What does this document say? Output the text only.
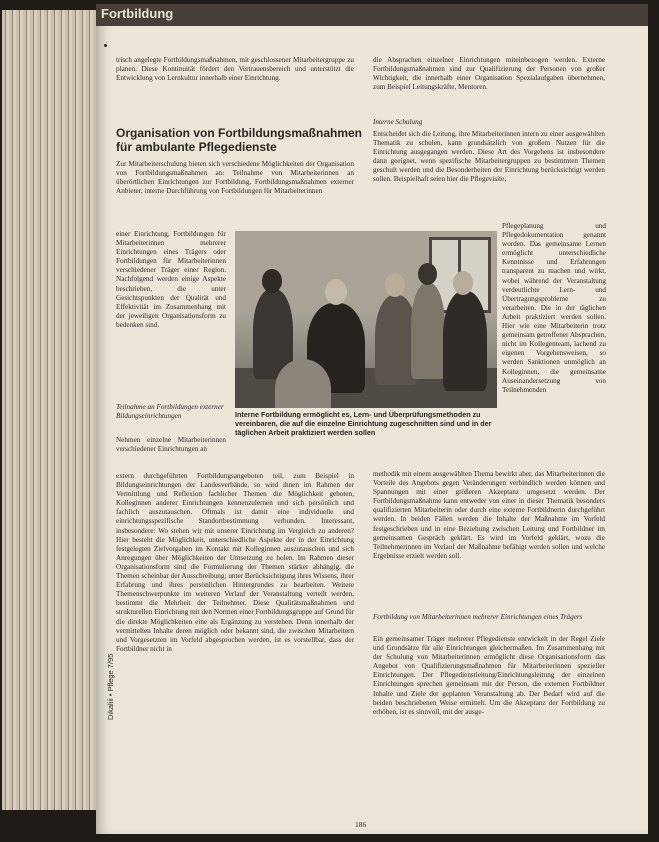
Fortbildung
trisch angelegte Fortbildungsmaßnahmen, mit geschlossener Mitarbeitergruppe zu planen. Diese Kontinuität fördert den Vertrauensbereich und unterstützt die Entwicklung von Lernkultur innerhalb einer Einrichtung.
Organisation von Fortbildungsmaßnahmen für ambulante Pflegedienste
Zur Mitarbeiterschulung bieten sich verschiedene Möglichkeiten der Organisation von Fortbildungsmaßnahmen an: Teilnahme von Mitarbeiterinnen an überörtlichen Einrichtungen zur Fortbildung, Fortbildungsmaßnahmen externer Anbieter, interne Durchführung von Fortbildungen für Mitarbeiterinnen
einer Einrichtung, Fortbildungen für Mitarbeiterinnen mehrerer Einrichtungen eines Trägers oder Fortbildungen für Mitarbeiterinnen verschiedener Träger einer Region. Nachfolgend werden einige Aspekte beschrieben, die unter Gesichtspunkten der Qualität und Effektivität im Zusammenhang mit der jeweiligen Organisationsform zu bedenken sind.
Teilnahme an Fortbildungen externer Bildungseinrichtungen
Nehmen einzelne Mitarbeiterinnen verschiedener Einrichtungen an
extern durchgeführten Fortbildungsangeboten teil, zum Beispiel in Bildungseinrichtungen der Landesverbände, so wird ihnen im Rahmen der Vermittlung und Reflexion fachlicher Themen die Möglichkeit geboten, Kolleginnen anderer Einrichtungen kennenzulernen und sich persönlich und fachlich auszutauschen. Oftmals ist damit eine individuelle und einrichtungsspezifische Standortbestimmung verbunden. Interessant, insbesondere: Wo stehen wir mit unserer Einrichtung im Vergleich zu anderen? Hier besteht die Möglichkeit, unterschiedliche Aspekte der in der Einrichtung festgelegten Zielvorgaben im Kontakt mit Kolleginnen auszutauschen und sich Anregungen über Möglichkeiten der Umsetzung zu holen. Im Rahmen dieser Organisationsform sind die Formulierung der Themen stärker abhängig, die Themen scheinbar der Ausschreibung; unter Berücksichtigung ihres Wissens, ihrer Erfahrung und ihres persönlichen Hintergrundes zu bearbeiten. Weitere Themenschwerpunkte im weiteren Verlauf der Veranstaltung verteilt werden, bestimmt die Mehrheit der Teilnehmer. Diese Qualitätsmaßnahmen und strukturellen Einrichtung mit den Normen einer Fortbildungsgruppe auf Grund für die direkte Möglichkeiten eine als Ergänzung zu verstehen. Denn innerhalb der vermittelten Inhalte deren möglich oder bekannt sind, die zwischen Mitarbeitern und Vorgesetzten im Vorfeld abgesprochen werden, ist es vorstellbar, dass der Fortbildner nicht in
die Absprachen einzelner Einrichtungen miteinbezogen werden. Externe Fortbildungsmaßnahmen sind zur Qualifizierung der Personen von großer Wichtigkeit, die innerhalb einer Organisation Spezialaufgaben übernehmen, zum Beispiel Leitungskräfte, Mentoren.
Interne Schulung
Entscheidet sich die Leitung, ihre Mitarbeiterinnen intern zu einer ausgewählten Thematik zu schulen, kann grundsätzlich von großem Nutzen für die Einrichtung ausgegangen werden. Diese Art des Vorgehens ist insbesondere dann geeignet, wenn spezifische Mitarbeitergruppen zu bestimmten Themen geschult werden und die Besonderheiten der Einrichtung berücksichtigt werden sollen. Beispielhaft seien hier die Pflegevisite,
Pflegeplanung und Pflegedokumentation genannt worden. Das gemeinsame Lernen ermöglicht unterschiedliche Kenntnisse und Erfahrungen transparent zu machen und wirkt, wobei während der Veranstaltung verdeutlichte Lern- und Übertragungsprobleme zu verarbeiten. Die in der täglichen Arbeit praktiziert werden sollen. Hier wie eine Mitarbeiterin trotz gemeinsam getroffener Absprachen, nicht im Kollegenteam, lachend zu eigenen Vorgehensweisen, so werden Sanktionen unmöglich an Kolleginnen, die gemeinsame Auseinandersetzung von Teilnehmenden
methodik mit einem ausgewählten Thema bewirkt aber, das Mitarbeiterinnen die Vorteile des Angebots gegen Veränderungen verbindlich werden können und Spannungen mit einer größeren Akzeptanz umgesetzt werden. Der Fortbildungsmaßnahme kann entweder von einer in dieser Thematik besonders qualifizierten Mitarbeiterin oder durch eine externe Fortbildnerin durchgeführt werden. In beiden Fällen werden die Inhalte der Maßnahme im Vorfeld festgeschrieben und in eine Beziehung zwischen Leitung und Fortbildner im gemeinsamen Gespräch geklärt. Es wird im Vorfeld geklärt, wozu die Teilnehmerinnen im Verlauf der Maßnahme befähigt werden sollen und welche Ergebnisse erzielt werden soll.
Fortbildung von Mitarbeiterinnen mehrerer Einrichtungen eines Trägers
Ein gemeinsamer Träger mehrerer Pflegedienste entwickelt in der Regel Ziele und Grundsätze für alle Einrichtungen gleichermaßen. Im Zusammenhang mit der Schulung von Mitarbeiterinnen ermöglicht diese Organisationsform das Angebot von Qualifizierungsmaßnahmen für Mitarbeiterinnen spezieller Einrichtungen. Der Pflegedienstleitung/Einrichtungsleitung der einzelnen Einrichtungen sprechen gemeinsam mit der Person, die externen Fortbildner Inhalte und Ziele der geplanten Veranstaltung ab. Der Bedarf wird auf die beiden beschriebenen Weise ermittelt. Um die Akzeptanz der Fortbildung zu erhöhen, ist es sinnvoll, mit der ausge-
Interne Fortbildung ermöglicht es, Lern- und Überprüfungsmethoden zu vereinbaren, die auf die einzelne Einrichtung zugeschnitten sind und in der täglichen Arbeit praktiziert werden sollen
Dikaliii • Pflege 7/95
186
